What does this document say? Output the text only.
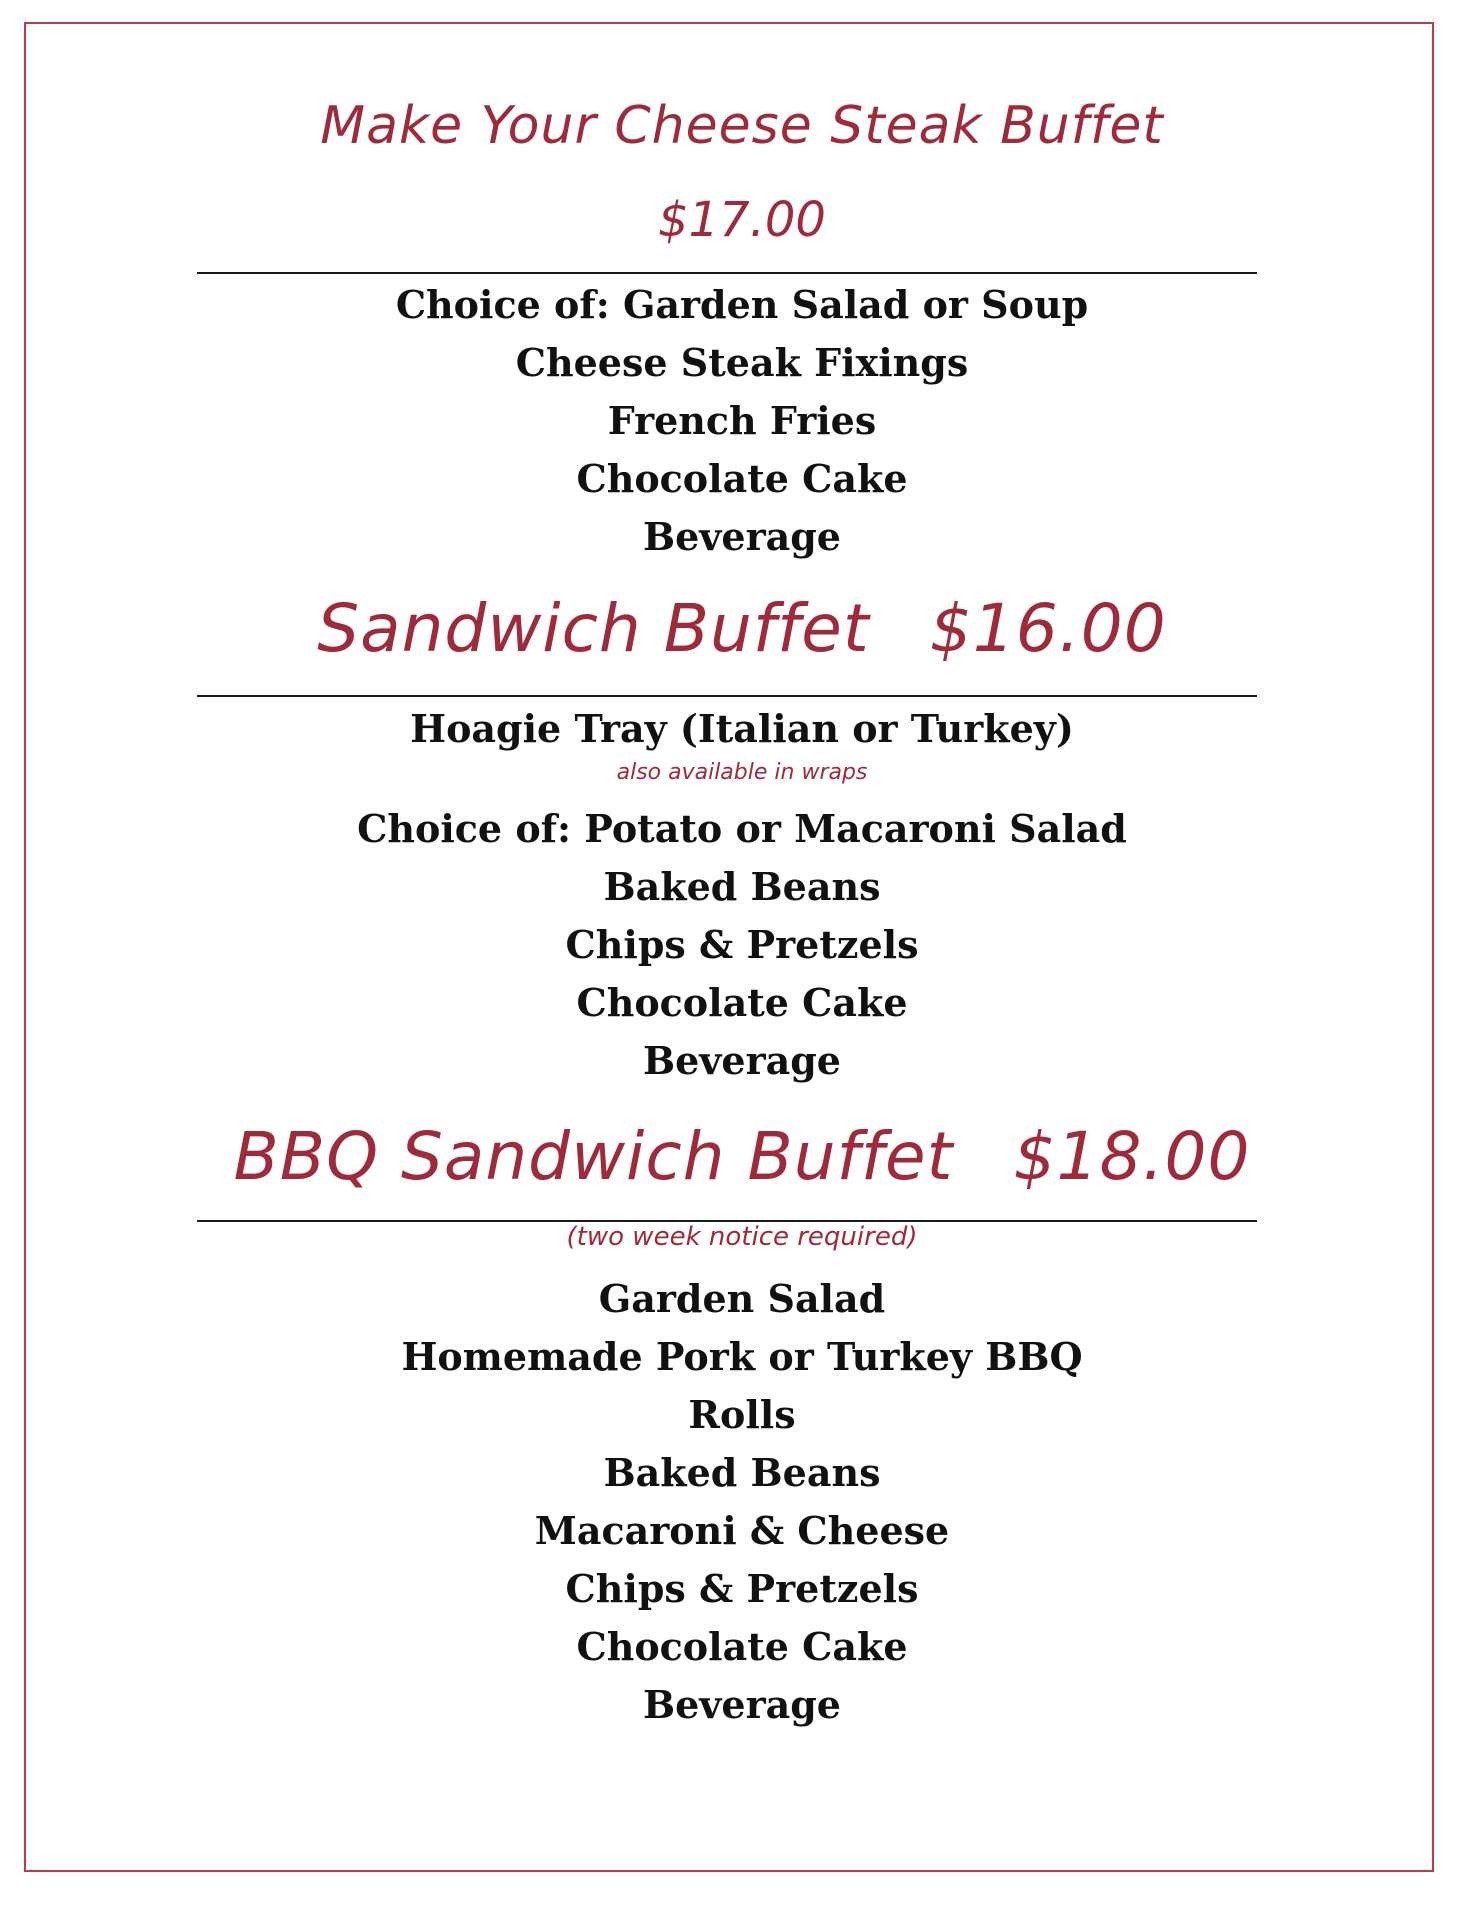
Make Your Cheese Steak Buffet
$17.00
Choice of: Garden Salad or Soup
Cheese Steak Fixings
French Fries
Chocolate Cake
Beverage
Sandwich Buffet $16.00
Hoagie Tray (Italian or Turkey)
also available in wraps
Choice of: Potato or Macaroni Salad
Baked Beans
Chips & Pretzels
Chocolate Cake
Beverage
BBQ Sandwich Buffet $18.00
(two week notice required)
Garden Salad
Homemade Pork or Turkey BBQ
Rolls
Baked Beans
Macaroni & Cheese
Chips & Pretzels
Chocolate Cake
Beverage
